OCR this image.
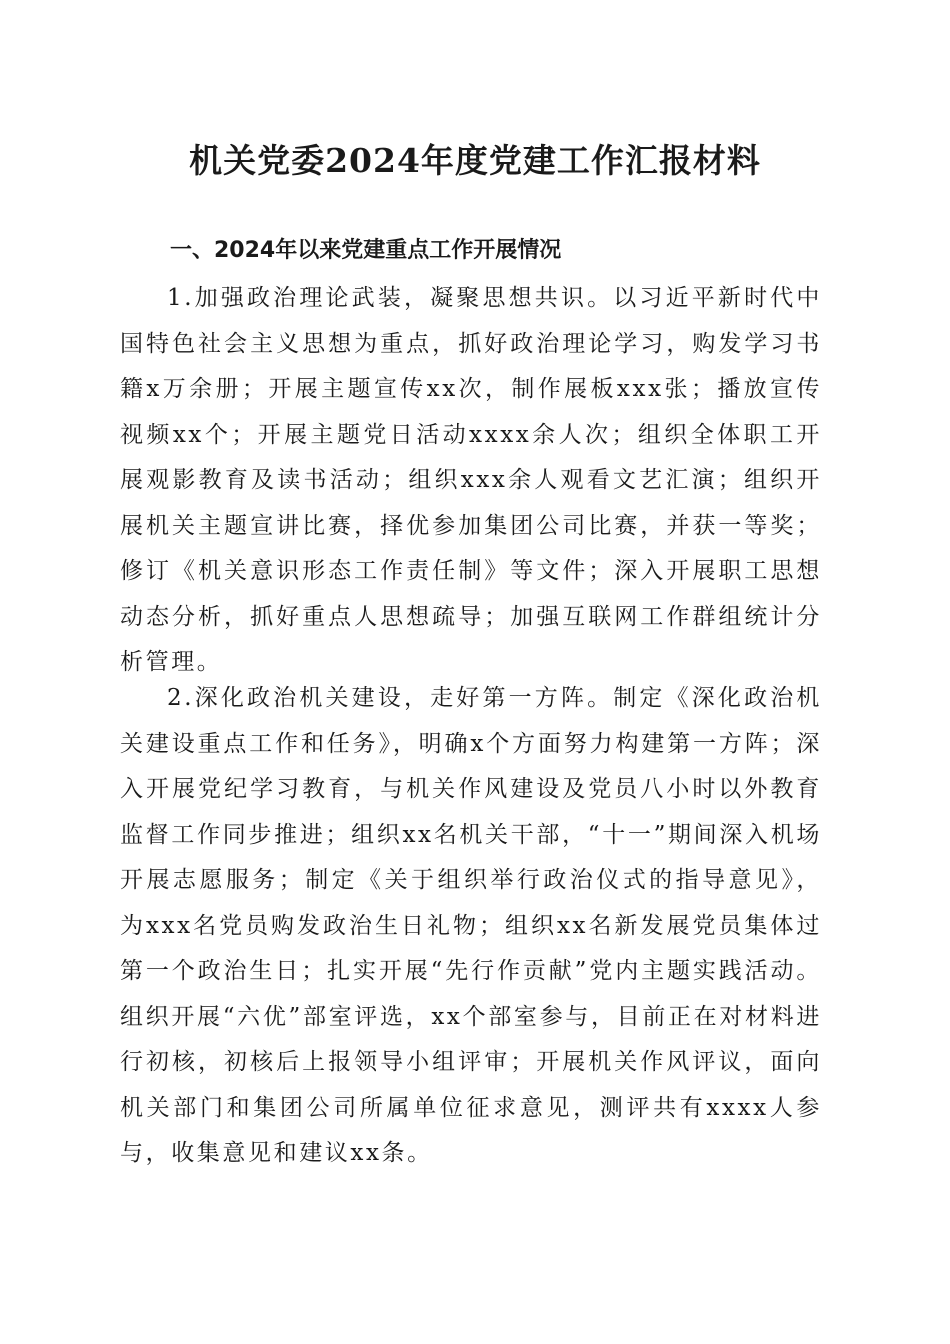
机关党委2024年度党建工作汇报材料
一、2024年以来党建重点工作开展情况

1.加强政治理论武装，凝聚思想共识。以习近平新时代中国特色社会主义思想为重点，抓好政治理论学习，购发学习书籍x万余册；开展主题宣传xx次，制作展板xxx张；播放宣传视频xx个；开展主题党日活动xxxx余人次；组织全体职工开展观影教育及读书活动；组织xxx余人观看文艺汇演；组织开展机关主题宣讲比赛，择优参加集团公司比赛，并获一等奖；修订《机关意识形态工作责任制》等文件；深入开展职工思想动态分析，抓好重点人思想疏导；加强互联网工作群组统计分析管理。

2.深化政治机关建设，走好第一方阵。制定《深化政治机关建设重点工作和任务》，明确x个方面努力构建第一方阵；深入开展党纪学习教育，与机关作风建设及党员八小时以外教育监督工作同步推进；组织xx名机关干部，“十一”期间深入机场开展志愿服务；制定《关于组织举行政治仪式的指导意见》，为xxx名党员购发政治生日礼物；组织xx名新发展党员集体过第一个政治生日；扎实开展“先行作贡献”党内主题实践活动。组织开展“六优”部室评选，xx个部室参与，目前正在对材料进行初核，初核后上报领导小组评审；开展机关作风评议，面向机关部门和集团公司所属单位征求意见，测评共有xxxx人参与，收集意见和建议xx条。
